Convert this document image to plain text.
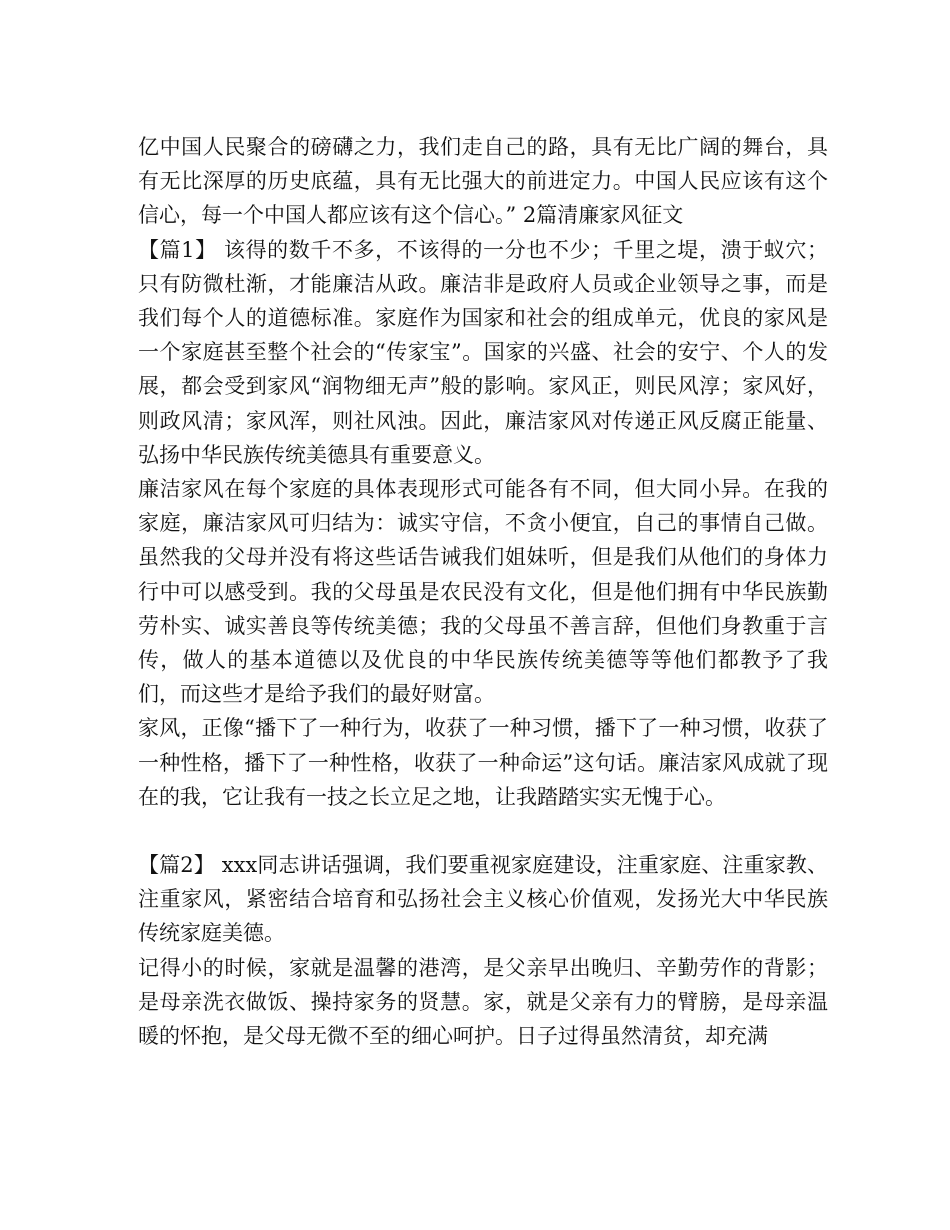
亿中国人民聚合的磅礴之力，我们走自己的路，具有无比广阔的舞台，具有无比深厚的历史底蕴，具有无比强大的前进定力。中国人民应该有这个信心，每一个中国人都应该有这个信心。” 2篇清廉家风征文

【篇1】 该得的数千不多，不该得的一分也不少；千里之堤，溃于蚁穴；只有防微杜渐，才能廉洁从政。廉洁非是政府人员或企业领导之事，而是我们每个人的道德标准。家庭作为国家和社会的组成单元，优良的家风是一个家庭甚至整个社会的“传家宝”。国家的兴盛、社会的安宁、个人的发展，都会受到家风“润物细无声”般的影响。家风正，则民风淳；家风好，则政风清；家风浑，则社风浊。因此，廉洁家风对传递正风反腐正能量、弘扬中华民族传统美德具有重要意义。

廉洁家风在每个家庭的具体表现形式可能各有不同，但大同小异。在我的家庭，廉洁家风可归结为：诚实守信，不贪小便宜，自己的事情自己做。虽然我的父母并没有将这些话告诫我们姐妹听，但是我们从他们的身体力行中可以感受到。我的父母虽是农民没有文化，但是他们拥有中华民族勤劳朴实、诚实善良等传统美德；我的父母虽不善言辞，但他们身教重于言传，做人的基本道德以及优良的中华民族传统美德等等他们都教予了我们，而这些才是给予我们的最好财富。

家风，正像“播下了一种行为，收获了一种习惯，播下了一种习惯，收获了一种性格，播下了一种性格，收获了一种命运”这句话。廉洁家风成就了现在的我，它让我有一技之长立足之地，让我踏踏实实无愧于心。

【篇2】 xxx同志讲话强调，我们要重视家庭建设，注重家庭、注重家教、注重家风，紧密结合培育和弘扬社会主义核心价值观，发扬光大中华民族传统家庭美德。

记得小的时候，家就是温馨的港湾，是父亲早出晚归、辛勤劳作的背影；是母亲洗衣做饭、操持家务的贤慧。家，就是父亲有力的臂膀，是母亲温暖的怀抱，是父母无微不至的细心呵护。日子过得虽然清贫，却充满
